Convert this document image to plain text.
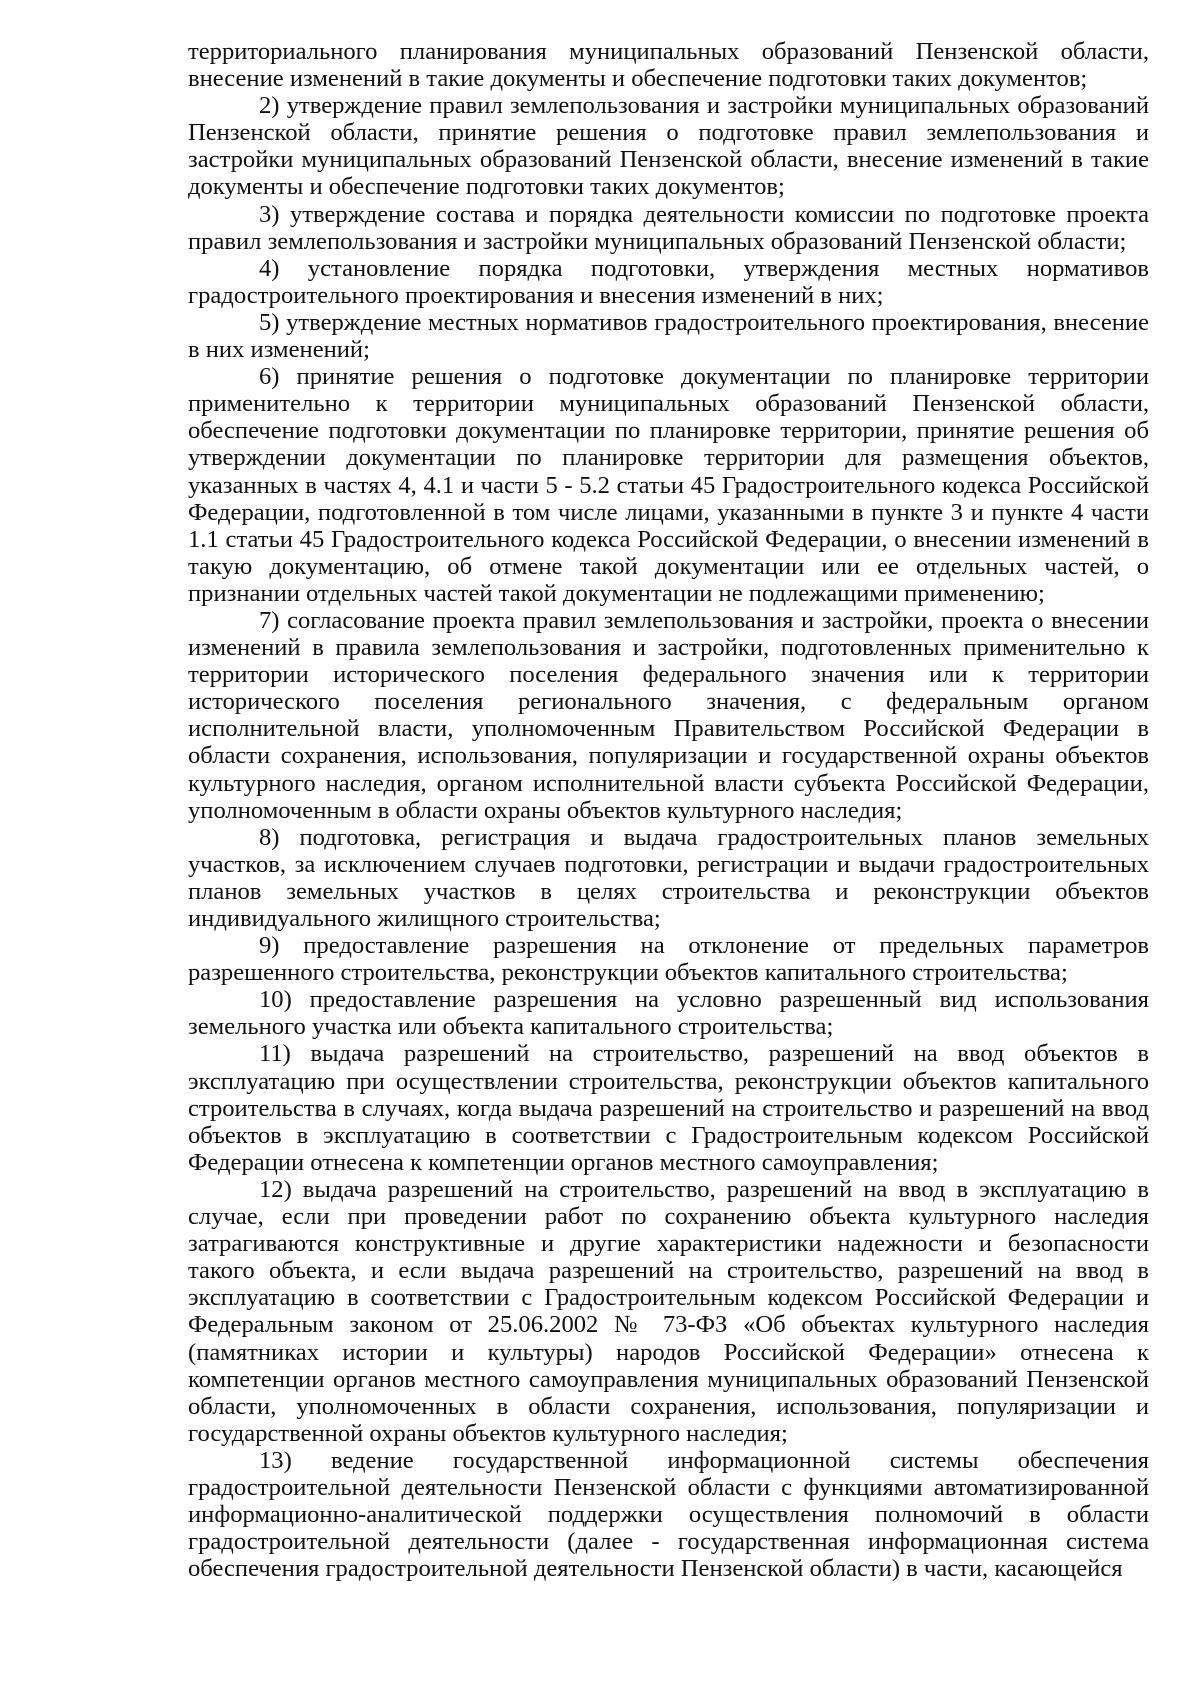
территориального планирования муниципальных образований Пензенской области, внесение изменений в такие документы и обеспечение подготовки таких документов;

2) утверждение правил землепользования и застройки муниципальных образований Пензенской области, принятие решения о подготовке правил землепользования и застройки муниципальных образований Пензенской области, внесение изменений в такие документы и обеспечение подготовки таких документов;

3) утверждение состава и порядка деятельности комиссии по подготовке проекта правил землепользования и застройки муниципальных образований Пензенской области;

4) установление порядка подготовки, утверждения местных нормативов градостроительного проектирования и внесения изменений в них;

5) утверждение местных нормативов градостроительного проектирования, внесение в них изменений;

6) принятие решения о подготовке документации по планировке территории применительно к территории муниципальных образований Пензенской области, обеспечение подготовки документации по планировке территории, принятие решения об утверждении документации по планировке территории для размещения объектов, указанных в частях 4, 4.1 и части 5 - 5.2 статьи 45 Градостроительного кодекса Российской Федерации, подготовленной в том числе лицами, указанными в пункте 3 и пункте 4 части 1.1 статьи 45 Градостроительного кодекса Российской Федерации, о внесении изменений в такую документацию, об отмене такой документации или ее отдельных частей, о признании отдельных частей такой документации не подлежащими применению;

7) согласование проекта правил землепользования и застройки, проекта о внесении изменений в правила землепользования и застройки, подготовленных применительно к территории исторического поселения федерального значения или к территории исторического поселения регионального значения, с федеральным органом исполнительной власти, уполномоченным Правительством Российской Федерации в области сохранения, использования, популяризации и государственной охраны объектов культурного наследия, органом исполнительной власти субъекта Российской Федерации, уполномоченным в области охраны объектов культурного наследия;

8) подготовка, регистрация и выдача градостроительных планов земельных участков, за исключением случаев подготовки, регистрации и выдачи градостроительных планов земельных участков в целях строительства и реконструкции объектов индивидуального жилищного строительства;

9) предоставление разрешения на отклонение от предельных параметров разрешенного строительства, реконструкции объектов капитального строительства;

10) предоставление разрешения на условно разрешенный вид использования земельного участка или объекта капитального строительства;

11) выдача разрешений на строительство, разрешений на ввод объектов в эксплуатацию при осуществлении строительства, реконструкции объектов капитального строительства в случаях, когда выдача разрешений на строительство и разрешений на ввод объектов в эксплуатацию в соответствии с Градостроительным кодексом Российской Федерации отнесена к компетенции органов местного самоуправления;

12) выдача разрешений на строительство, разрешений на ввод в эксплуатацию в случае, если при проведении работ по сохранению объекта культурного наследия затрагиваются конструктивные и другие характеристики надежности и безопасности такого объекта, и если выдача разрешений на строительство, разрешений на ввод в эксплуатацию в соответствии с Градостроительным кодексом Российской Федерации и Федеральным законом от 25.06.2002 № 73-ФЗ «Об объектах культурного наследия (памятниках истории и культуры) народов Российской Федерации» отнесена к компетенции органов местного самоуправления муниципальных образований Пензенской области, уполномоченных в области сохранения, использования, популяризации и государственной охраны объектов культурного наследия;

13) ведение государственной информационной системы обеспечения градостроительной деятельности Пензенской области с функциями автоматизированной информационно-аналитической поддержки осуществления полномочий в области градостроительной деятельности (далее - государственная информационная система обеспечения градостроительной деятельности Пензенской области) в части, касающейся
